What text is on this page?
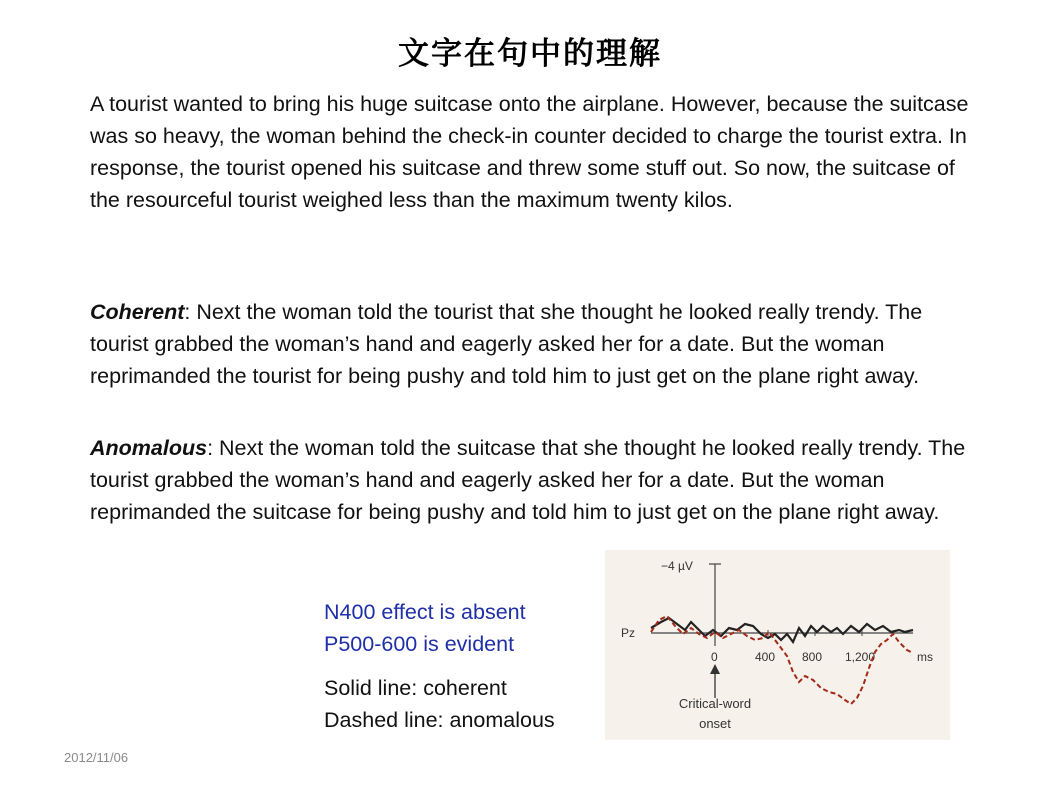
文字在句中的理解

A tourist wanted to bring his huge suitcase onto the airplane. However, because the suitcase was so heavy, the woman behind the check-in counter decided to charge the tourist extra. In response, the tourist opened his suitcase and threw some stuff out. So now, the suitcase of the resourceful tourist weighed less than the maximum twenty kilos.

Coherent: Next the woman told the tourist that she thought he looked really trendy. The tourist grabbed the woman’s hand and eagerly asked her for a date. But the woman reprimanded the tourist for being pushy and told him to just get on the plane right away.

Anomalous: Next the woman told the suitcase that she thought he looked really trendy. The tourist grabbed the woman’s hand and eagerly asked her for a date. But the woman reprimanded the suitcase for being pushy and told him to just get on the plane right away.

N400 effect is absent
P500-600 is evident
Solid line: coherent
Dashed line: anomalous
2012/11/06
−4 µV
Pz
0	400 800 1,200	ms
Critical-word
onset
